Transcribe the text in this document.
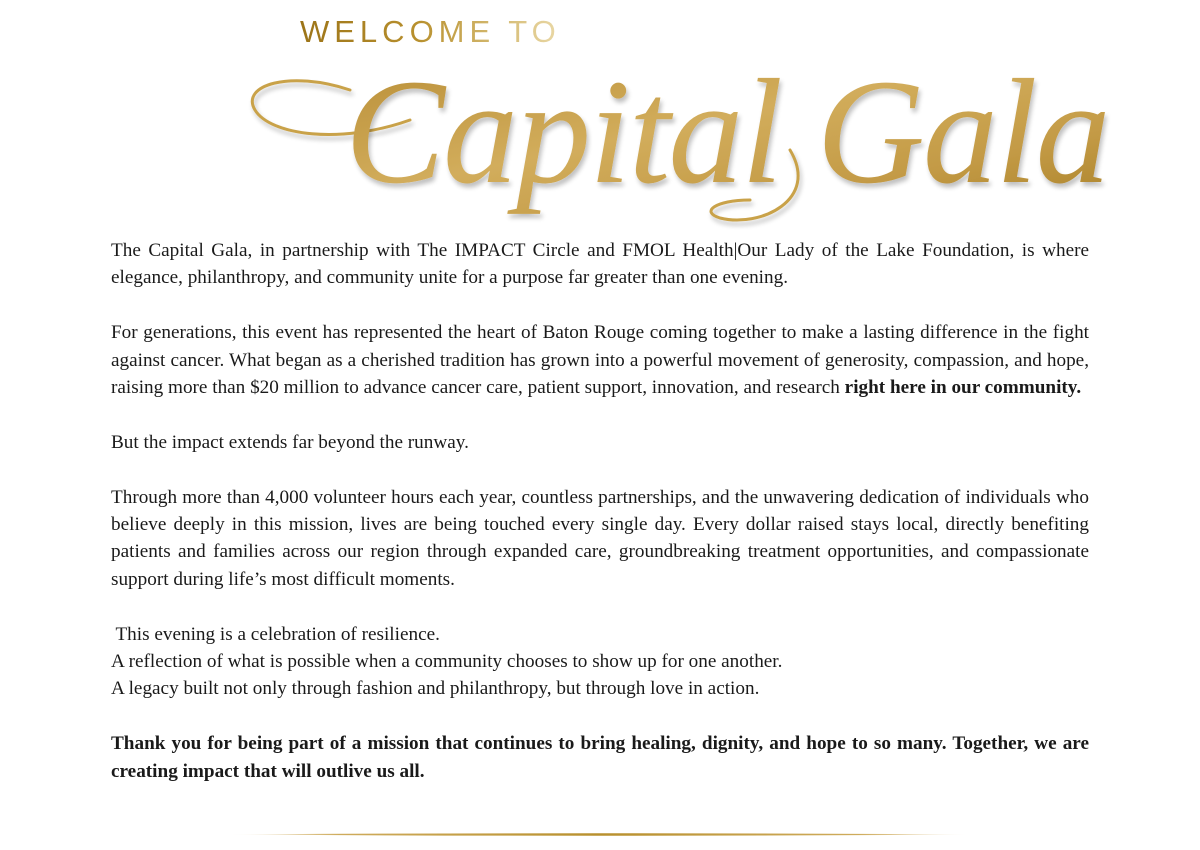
WELCOME TO
Capital Gala

The Capital Gala, in partnership with The IMPACT Circle and FMOL Health|Our Lady of the Lake Foundation, is where elegance, philanthropy, and community unite for a purpose far greater than one evening.

For generations, this event has represented the heart of Baton Rouge coming together to make a lasting difference in the fight against cancer. What began as a cherished tradition has grown into a powerful movement of generosity, compassion, and hope, raising more than $20 million to advance cancer care, patient support, innovation, and research right here in our community.

But the impact extends far beyond the runway.

Through more than 4,000 volunteer hours each year, countless partnerships, and the unwavering dedication of individuals who believe deeply in this mission, lives are being touched every single day. Every dollar raised stays local, directly benefiting patients and families across our region through expanded care, groundbreaking treatment opportunities, and compassionate support during life’s most difficult moments.

This evening is a celebration of resilience.

A reflection of what is possible when a community chooses to show up for one another.

A legacy built not only through fashion and philanthropy, but through love in action.

Thank you for being part of a mission that continues to bring healing, dignity, and hope to so many. Together, we are creating impact that will outlive us all.
